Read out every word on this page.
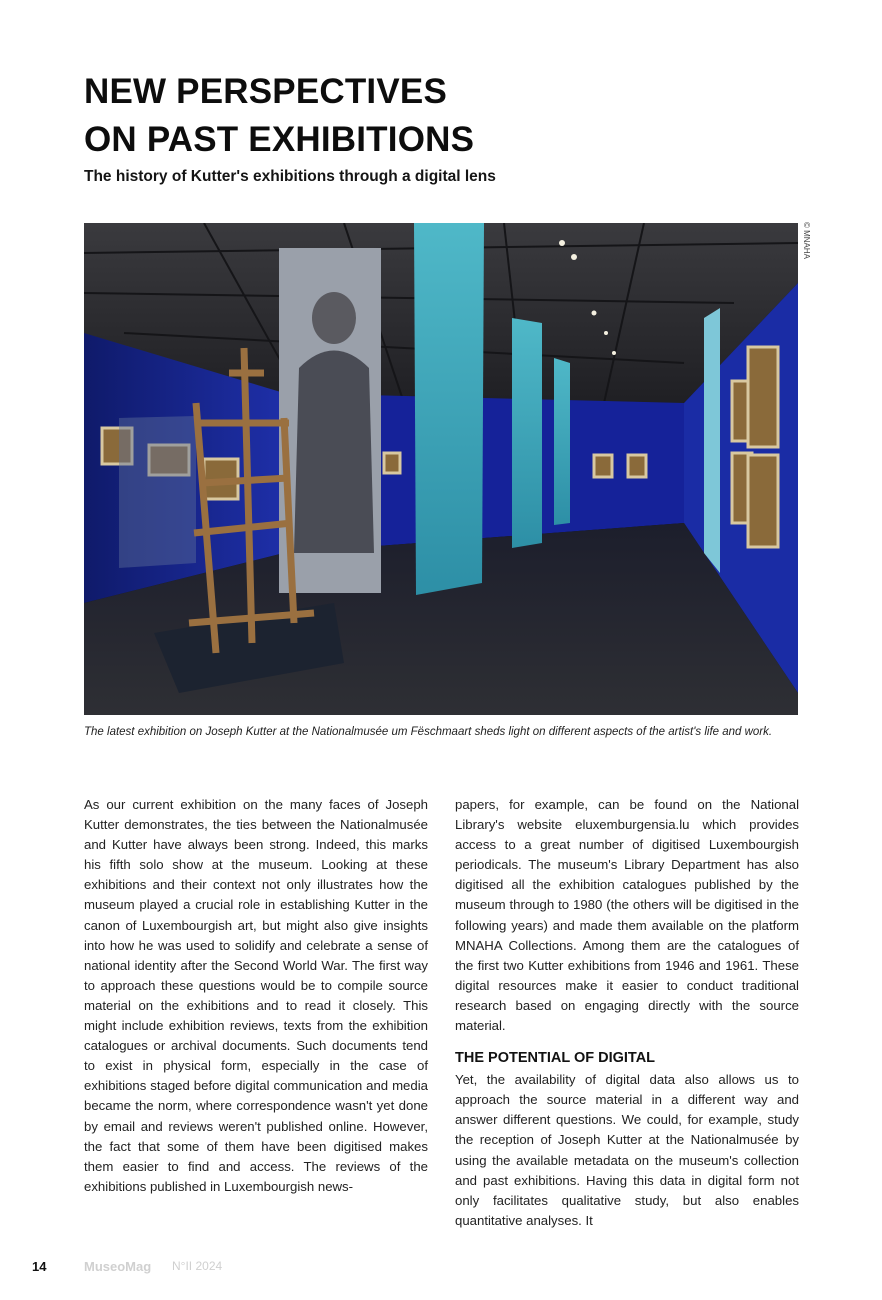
NEW PERSPECTIVES
ON PAST EXHIBITIONS

The history of Kutter's exhibitions through a digital lens

© MNAHA

The latest exhibition on Joseph Kutter at the Nationalmusée um Fëschmaart sheds light on different aspects of the artist's life and work.

As our current exhibition on the many faces of Joseph Kutter demonstrates, the ties between the Nationalmusée and Kutter have always been strong. Indeed, this marks his fifth solo show at the museum. Looking at these exhibitions and their context not only illustrates how the museum played a crucial role in establishing Kutter in the canon of Luxembourgish art, but might also give insights into how he was used to solidify and celebrate a sense of national identity after the Second World War. The first way to approach these questions would be to compile source material on the exhibitions and to read it closely. This might include exhibition reviews, texts from the exhibition catalogues or archival documents. Such documents tend to exist in physical form, especially in the case of exhibitions staged before digital communication and media became the norm, where correspondence wasn't yet done by email and reviews weren't published online. However, the fact that some of them have been digitised makes them easier to find and access. The reviews of the exhibitions published in Luxembourgish news-

papers, for example, can be found on the National Library's website eluxemburgensia.lu which provides access to a great number of digitised Luxembourgish periodicals. The museum's Library Department has also digitised all the exhibition catalogues published by the museum through to 1980 (the others will be digitised in the following years) and made them available on the platform MNAHA Collections. Among them are the catalogues of the first two Kutter exhibitions from 1946 and 1961. These digital resources make it easier to conduct traditional research based on engaging directly with the source material.

THE POTENTIAL OF DIGITAL

Yet, the availability of digital data also allows us to approach the source material in a different way and answer different questions. We could, for example, study the reception of Joseph Kutter at the Nationalmusée by using the available metadata on the museum's collection and past exhibitions. Having this data in digital form not only facilitates qualitative study, but also enables quantitative analyses. It

14	MuseoMag N°II 2024
